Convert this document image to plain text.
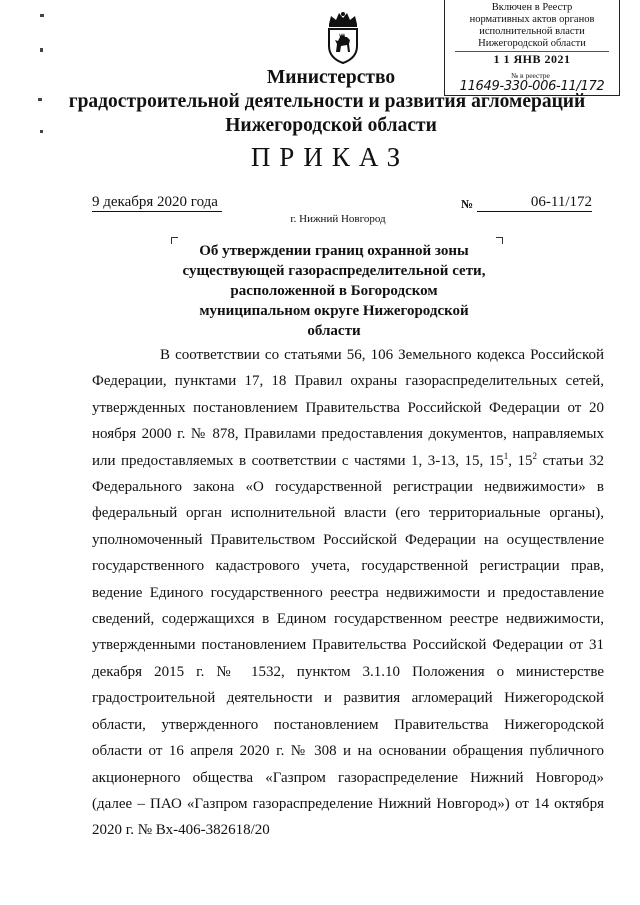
Включен в Реестр
нормативных актов органов
исполнительной власти
Нижегородской области
1 1 ЯНВ 2021
№ в реестре
11649-330-006-11/172
Министерство
градостроительной деятельности и развития агломераций
Нижегородской области
ПРИКАЗ
9 декабря 2020 года	№	06-11/172
г. Нижний Новгород
Об утверждении границ охранной зоны
существующей газораспределительной сети,
расположенной в Богородском
муниципальном округе Нижегородской
области
В соответствии со статьями 56, 106 Земельного кодекса Российской Федерации, пунктами 17, 18 Правил охраны газораспределительных сетей, утвержденных постановлением Правительства Российской Федерации от 20 ноября 2000 г. № 878, Правилами предоставления документов, направляемых или предоставляемых в соответствии с частями 1, 3-13, 15, $15^1$, $15^2$ статьи 32 Федерального закона «О государственной регистрации недвижимости» в федеральный орган исполнительной власти (его территориальные органы), уполномоченный Правительством Российской Федерации на осуществление государственного кадастрового учета, государственной регистрации прав, ведение Единого государственного реестра недвижимости и предоставление сведений, содержащихся в Едином государственном реестре недвижимости, утвержденными постановлением Правительства Российской Федерации от 31 декабря 2015 г. № 1532, пунктом 3.1.10 Положения о министерстве градостроительной деятельности и развития агломераций Нижегородской области, утвержденного постановлением Правительства Нижегородской области от 16 апреля 2020 г. № 308 и на основании обращения публичного акционерного общества «Газпром газораспределение Нижний Новгород» (далее – ПАО «Газпром газораспределение Нижний Новгород») от 14 октября 2020 г. № Вх-406-382618/20
